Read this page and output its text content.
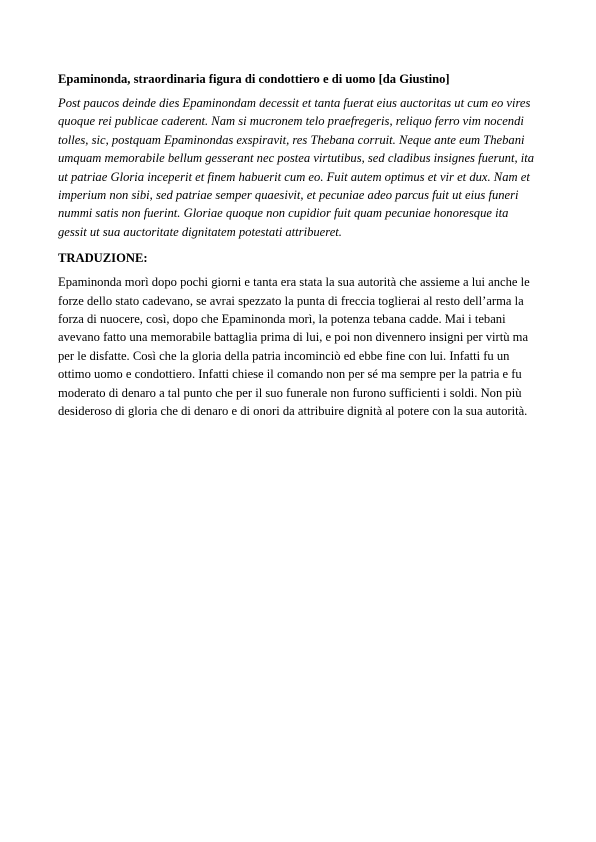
Epaminonda, straordinaria figura di condottiero e di uomo [da Giustino]

Post paucos deinde dies Epaminondam decessit et tanta fuerat eius auctoritas ut cum eo vires quoque rei publicae caderent. Nam si mucronem telo praefregeris, reliquo ferro vim nocendi tolles, sic, postquam Epaminondas exspiravit, res Thebana corruit. Neque ante eum Thebani umquam memorabile bellum gesserant nec postea virtutibus, sed cladibus insignes fuerunt, ita ut patriae Gloria inceperit et finem habuerit cum eo. Fuit autem optimus et vir et dux. Nam et imperium non sibi, sed patriae semper quaesivit, et pecuniae adeo parcus fuit ut eius funeri nummi satis non fuerint. Gloriae quoque non cupidior fuit quam pecuniae honoresque ita gessit ut sua auctoritate dignitatem potestati attribueret.

TRADUZIONE:

Epaminonda morì dopo pochi giorni e tanta era stata la sua autorità che assieme a lui anche le forze dello stato cadevano, se avrai spezzato la punta di freccia toglierai al resto dell’arma la forza di nuocere, così, dopo che Epaminonda morì, la potenza tebana cadde. Mai i tebani avevano fatto una memorabile battaglia prima di lui, e poi non divennero insigni per virtù ma per le disfatte. Così che la gloria della patria incominciò ed ebbe fine con lui. Infatti fu un ottimo uomo e condottiero. Infatti chiese il comando non per sé ma sempre per la patria e fu moderato di denaro a tal punto che per il suo funerale non furono sufficienti i soldi. Non più desideroso di gloria che di denaro e di onori da attribuire dignità al potere con la sua autorità.
